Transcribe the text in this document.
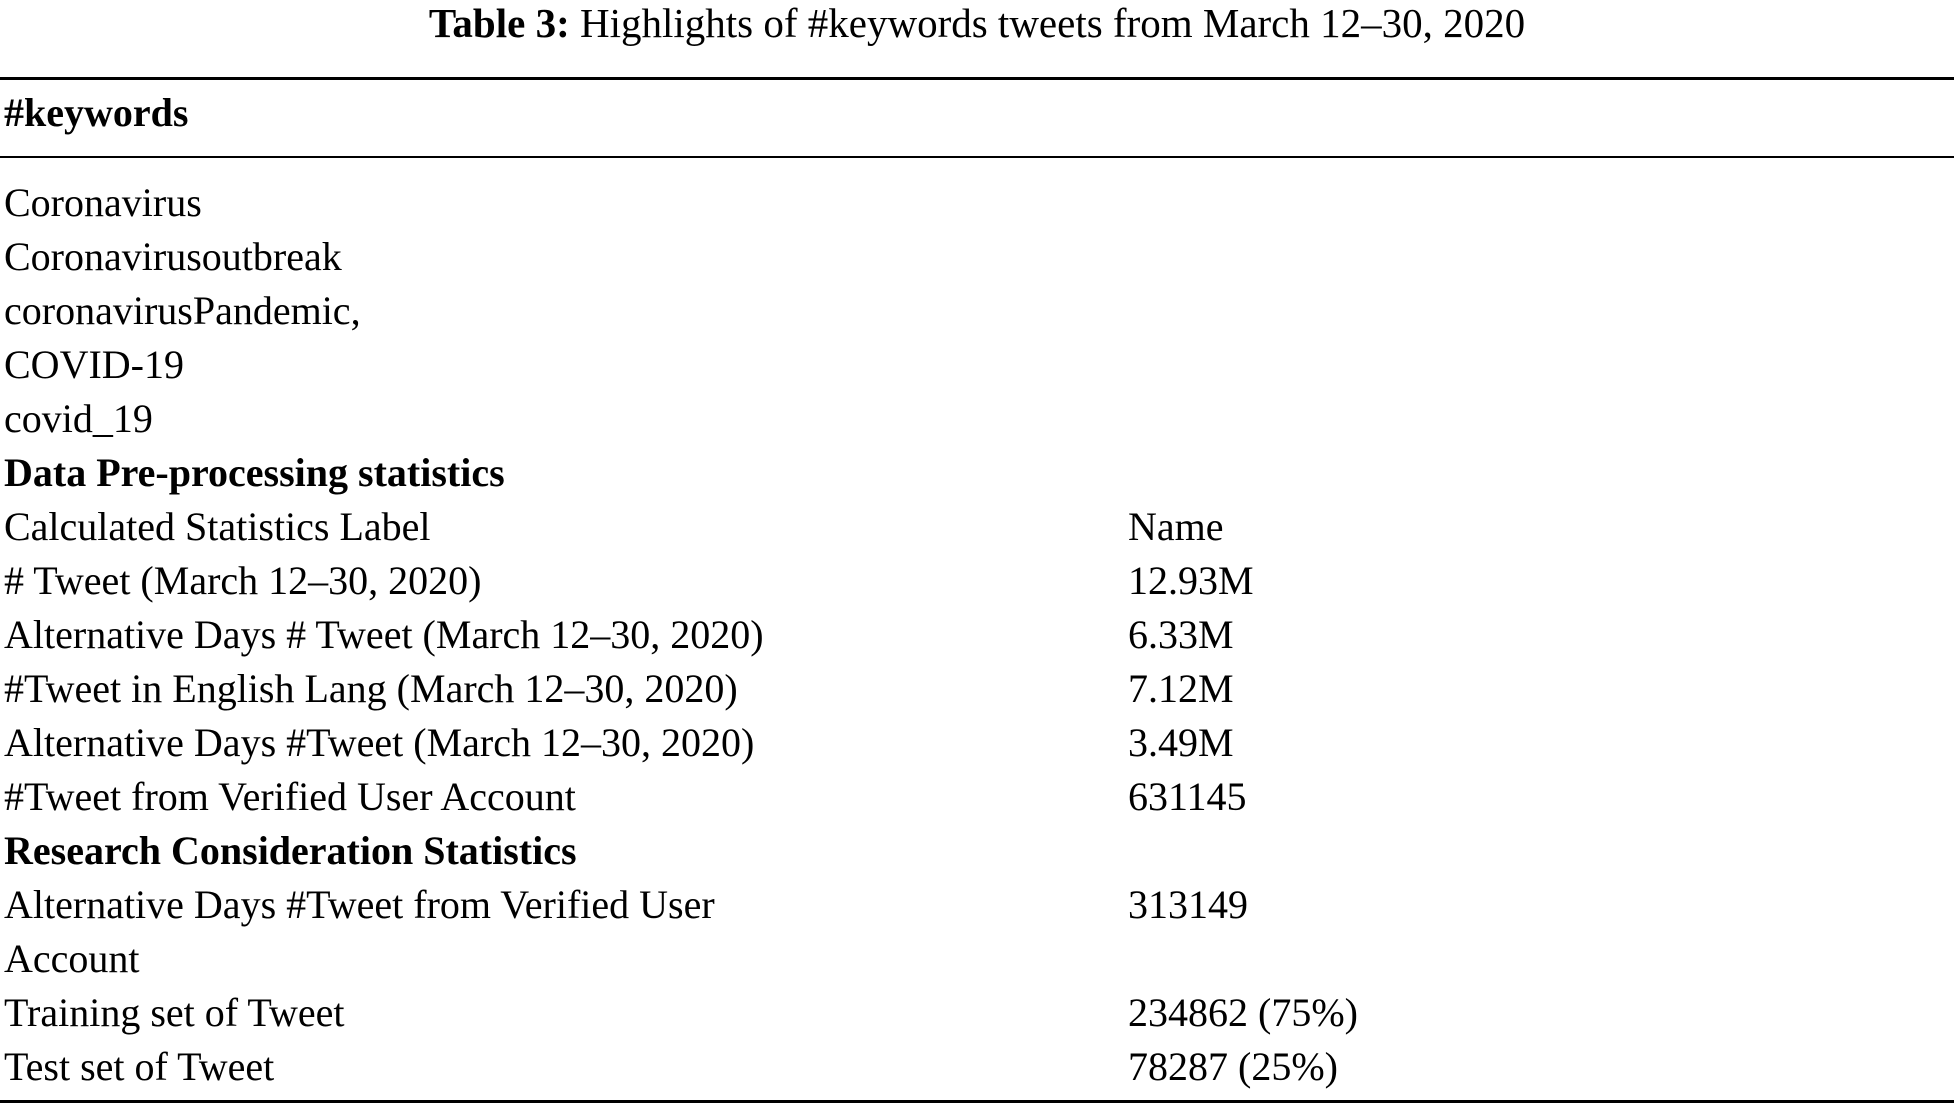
Table 3: Highlights of #keywords tweets from March 12–30, 2020
#keywords
Coronavirus
Coronavirusoutbreak
coronavirusPandemic,
COVID-19
covid_19
Data Pre-processing statistics
Calculated Statistics Label	Name
# Tweet (March 12–30, 2020)	12.93M
Alternative Days # Tweet (March 12–30, 2020)	6.33M
#Tweet in English Lang (March 12–30, 2020)	7.12M
Alternative Days #Tweet (March 12–30, 2020)	3.49M
#Tweet from Verified User Account	631145
Research Consideration Statistics
Alternative Days #Tweet from Verified User	313149
Account
Training set of Tweet	234862 (75%)
Test set of Tweet	78287 (25%)
